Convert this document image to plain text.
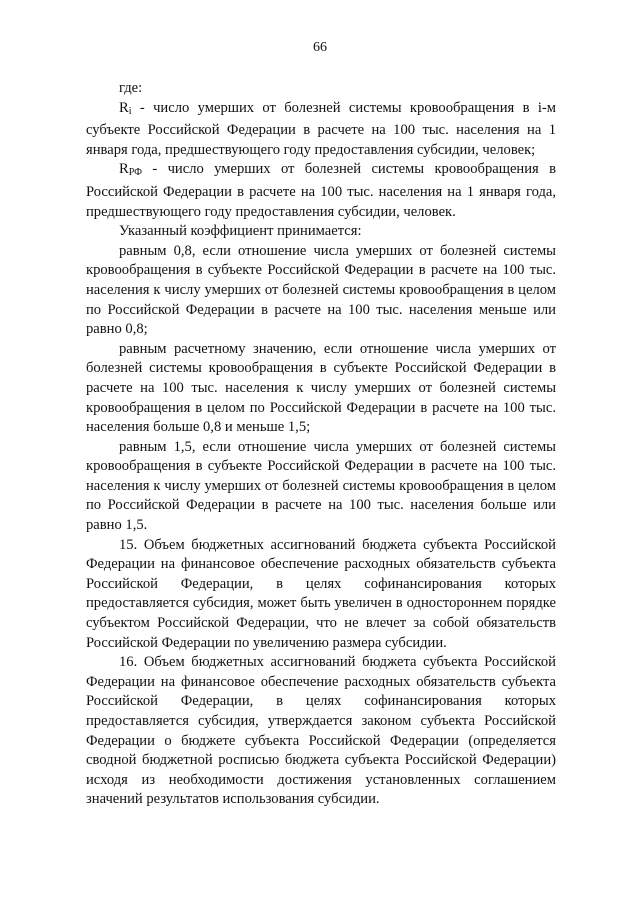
66

где:

$R_i$ - число умерших от болезней системы кровообращения в i-м субъекте Российской Федерации в расчете на 100 тыс. населения на 1 января года, предшествующего году предоставления субсидии, человек;

$R_{РФ}$ - число умерших от болезней системы кровообращения в Российской Федерации в расчете на 100 тыс. населения на 1 января года, предшествующего году предоставления субсидии, человек.

Указанный коэффициент принимается:

равным 0,8, если отношение числа умерших от болезней системы кровообращения в субъекте Российской Федерации в расчете на 100 тыс. населения к числу умерших от болезней системы кровообращения в целом по Российской Федерации в расчете на 100 тыс. населения меньше или равно 0,8;

равным расчетному значению, если отношение числа умерших от болезней системы кровообращения в субъекте Российской Федерации в расчете на 100 тыс. населения к числу умерших от болезней системы кровообращения в целом по Российской Федерации в расчете на 100 тыс. населения больше 0,8 и меньше 1,5;

равным 1,5, если отношение числа умерших от болезней системы кровообращения в субъекте Российской Федерации в расчете на 100 тыс. населения к числу умерших от болезней системы кровообращения в целом по Российской Федерации в расчете на 100 тыс. населения больше или равно 1,5.

15. Объем бюджетных ассигнований бюджета субъекта Российской Федерации на финансовое обеспечение расходных обязательств субъекта Российской Федерации, в целях софинансирования которых предоставляется субсидия, может быть увеличен в одностороннем порядке субъектом Российской Федерации, что не влечет за собой обязательств Российской Федерации по увеличению размера субсидии.

16. Объем бюджетных ассигнований бюджета субъекта Российской Федерации на финансовое обеспечение расходных обязательств субъекта Российской Федерации, в целях софинансирования которых предоставляется субсидия, утверждается законом субъекта Российской Федерации о бюджете субъекта Российской Федерации (определяется сводной бюджетной росписью бюджета субъекта Российской Федерации) исходя из необходимости достижения установленных соглашением значений результатов использования субсидии.
